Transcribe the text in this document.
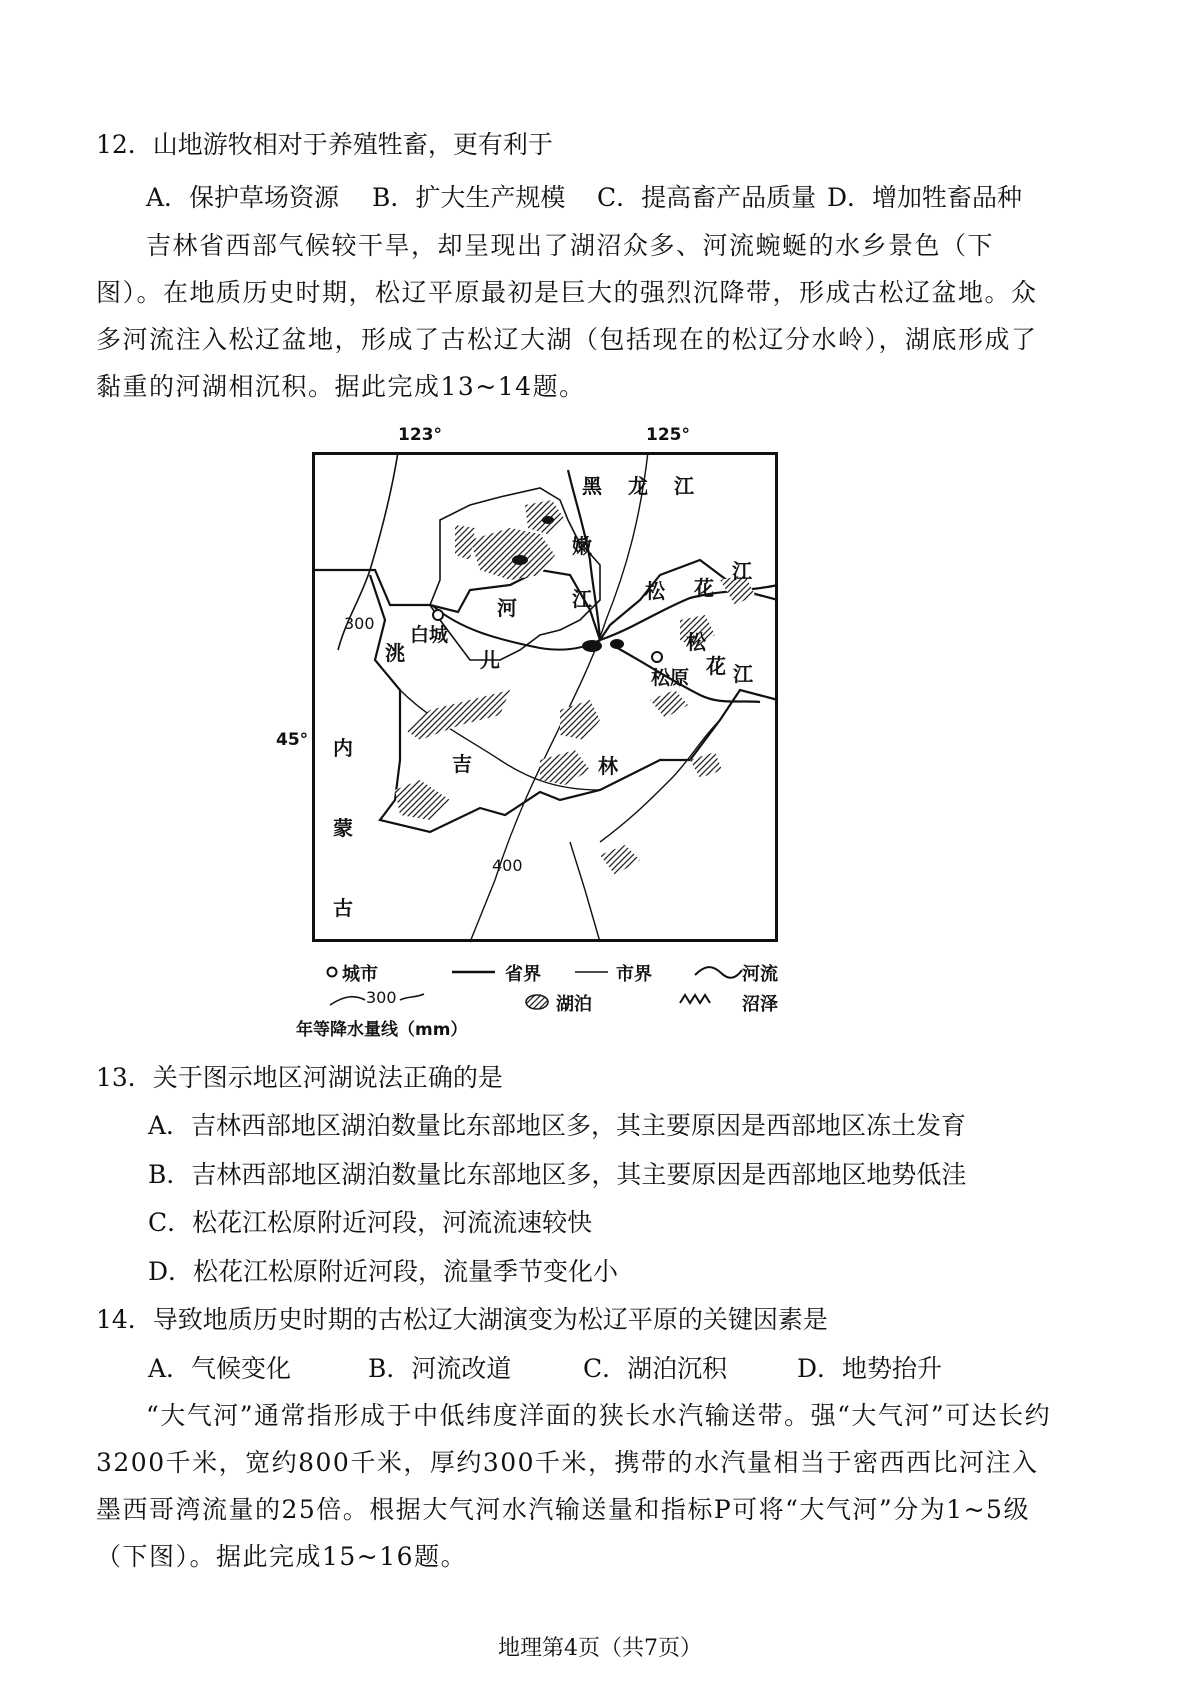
12．山地游牧相对于养殖牲畜，更有利于
A．保护草场资源 B．扩大生产规模 C．提高畜产品质量 D．增加牲畜品种
吉林省西部气候较干旱，却呈现出了湖沼众多、河流蜿蜒的水乡景色（下图）。在地质历史时期，松辽平原最初是巨大的强烈沉降带，形成古松辽盆地。众多河流注入松辽盆地，形成了古松辽大湖（包括现在的松辽分水岭），湖底形成了黏重的河湖相沉积。据此完成13~14题。
123°	125°
45°
300
400
黑 龙 江
嫩
江
河
松 花
江
松
花 江
白城
洮	儿
松原
吉	林
内
蒙
古
城市	省界	市界	河流
300	湖泊	沼泽
年等降水量线（mm）
13．关于图示地区河湖说法正确的是
A．吉林西部地区湖泊数量比东部地区多，其主要原因是西部地区冻土发育
B．吉林西部地区湖泊数量比东部地区多，其主要原因是西部地区地势低洼
C．松花江松原附近河段，河流流速较快
D．松花江松原附近河段，流量季节变化小
14．导致地质历史时期的古松辽大湖演变为松辽平原的关键因素是
A．气候变化	B．河流改道	C．湖泊沉积	D．地势抬升
“大气河”通常指形成于中低纬度洋面的狭长水汽输送带。强“大气河”可达长约3200千米，宽约800千米，厚约300千米，携带的水汽量相当于密西西比河注入墨西哥湾流量的25倍。根据大气河水汽输送量和指标P可将“大气河”分为1~5级（下图）。据此完成15~16题。
地理第4页（共7页）
